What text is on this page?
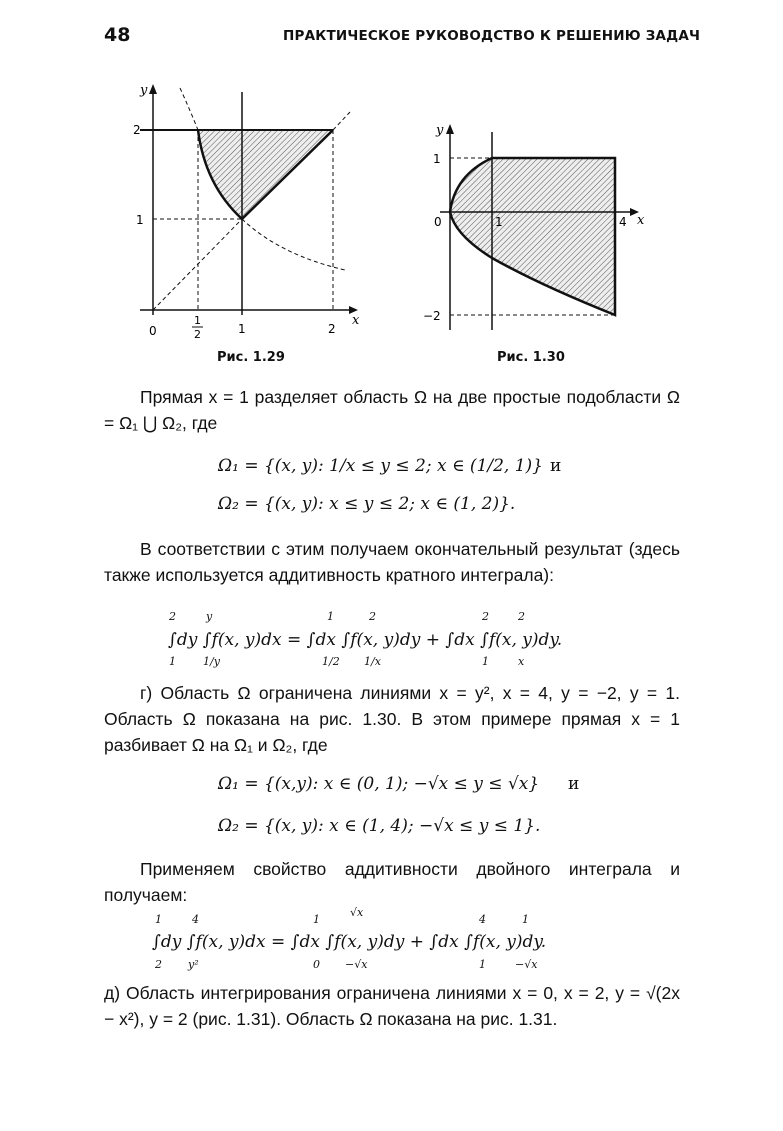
48	ПРАКТИЧЕСКОЕ РУКОВОДСТВО К РЕШЕНИЮ ЗАДАЧ
y
x
2
1
0
1
2	1	2
y
x
1
−2
0	1	4
Рис. 1.29	Рис. 1.30
Прямая x = 1 разделяет область Ω на две простые подобласти Ω = Ω₁ ⋃ Ω₂, где
Ω₁ = {(x, y): 1/x ≤ y ≤ 2; x ∈ (1/2, 1)} и
Ω₂ = {(x, y): x ≤ y ≤ 2; x ∈ (1, 2)}.
В соответствии с этим получаем окончательный результат (здесь также используется аддитивность кратного интеграла):
∫dy ∫f(x, y)dx = ∫dx ∫f(x, y)dy + ∫dx ∫f(x, y)dy.
2
1
y
1/y
1
1/2
2
1/x
2
1
2
x
г) Область Ω ограничена линиями x = y², x = 4, y = −2, y = 1. Область Ω показана на рис. 1.30. В этом примере прямая x = 1 разбивает Ω на Ω₁ и Ω₂, где
Ω₁ = {(x,y): x ∈ (0, 1); −√x ≤ y ≤ √x} и
Ω₂ = {(x, y): x ∈ (1, 4); −√x ≤ y ≤ 1}.
Применяем свойство аддитивности двойного интеграла и получаем:
∫dy ∫f(x, y)dx = ∫dx ∫f(x, y)dy + ∫dx ∫f(x, y)dy.
1
2
4
y²
1
0
√x
−√x
4
1
1
−√x
д) Область интегрирования ограничена линиями x = 0, x = 2, y = √(2x − x²), y = 2 (рис. 1.31). Область Ω показана на рис. 1.31.
